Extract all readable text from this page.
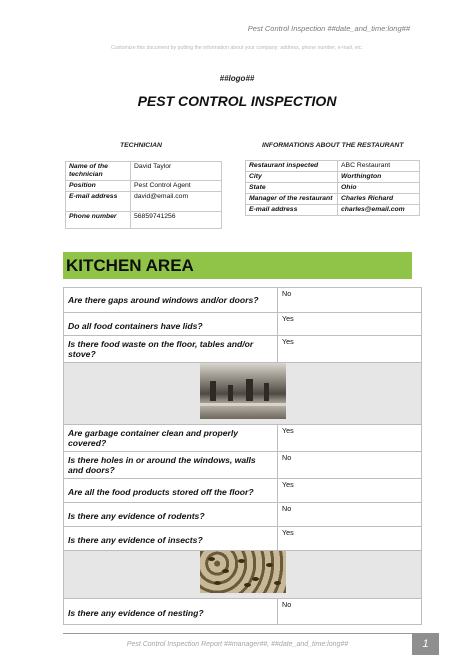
Pest Control Inspection ##date_and_time:long##
Customize this document by putting the information about your company: address, phone number, e-mail, etc.
##logo##
PEST CONTROL INSPECTION
TECHNICIAN	INFORMATIONS ABOUT THE RESTAURANT
Name of the technician	David Taylor
Position	Pest Control Agent
E-mail address	david@email.com
Phone number	56859741256
Restaurant inspected	ABC Restaurant
City	Worthington
State	Ohio
Manager of the restaurant	Charles Richard
E-mail address	charles@email.com
KITCHEN AREA
Are there gaps around windows and/or doors?	No
Do all food containers have lids?	Yes
Is there food waste on the floor, tables and/or stove?	Yes

Are garbage container clean and properly covered?	Yes
Is there holes in or around the windows, walls and doors?	No
Are all the food products stored off the floor?	Yes
Is there any evidence of rodents?	No
Is there any evidence of insects?	Yes

Is there any evidence of nesting?	No
Pest Control Inspection Report ##manager##, ##date_and_time:long##	1
